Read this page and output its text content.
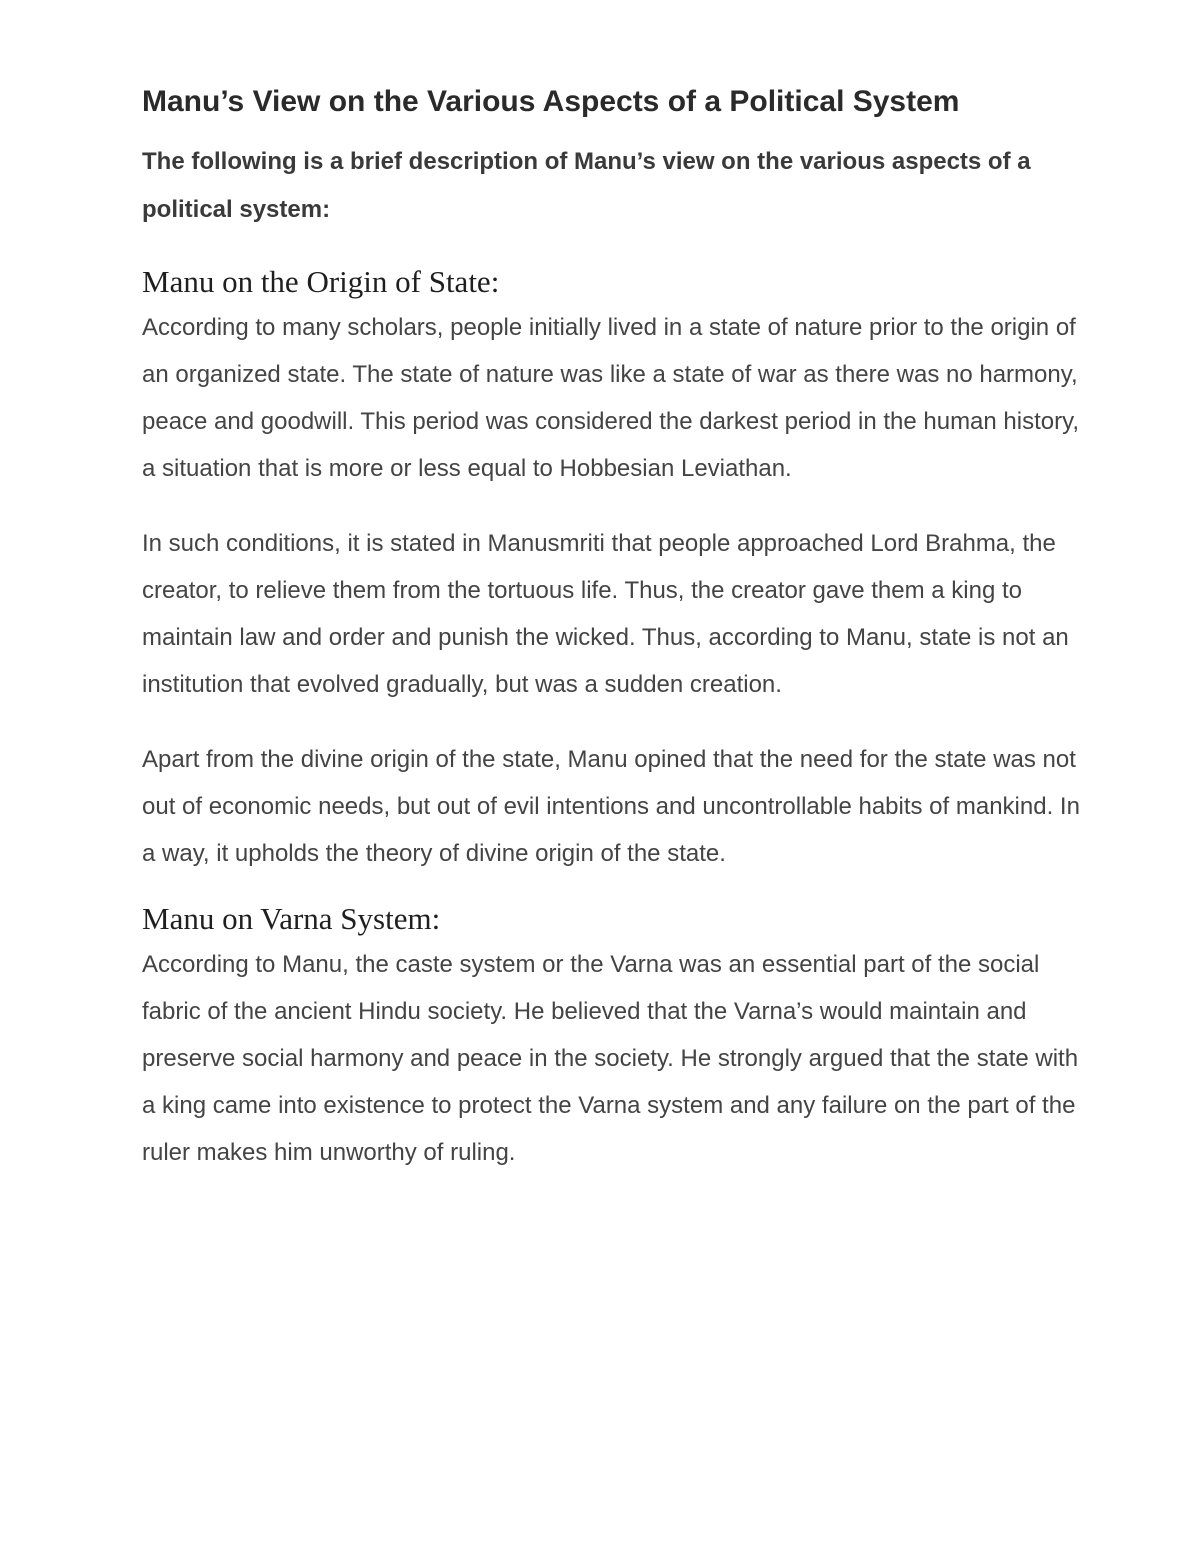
Manu’s View on the Various Aspects of a Political System

The following is a brief description of Manu’s view on the various aspects of a political system:

Manu on the Origin of State:

According to many scholars, people initially lived in a state of nature prior to the origin of an organized state. The state of nature was like a state of war as there was no harmony, peace and goodwill. This period was considered the darkest period in the human history, a situation that is more or less equal to Hobbesian Leviathan.

In such conditions, it is stated in Manusmriti that people approached Lord Brahma, the creator, to relieve them from the tortuous life. Thus, the creator gave them a king to maintain law and order and punish the wicked. Thus, according to Manu, state is not an institution that evolved gradually, but was a sudden creation.

Apart from the divine origin of the state, Manu opined that the need for the state was not out of economic needs, but out of evil intentions and uncontrollable habits of mankind. In a way, it upholds the theory of divine origin of the state.

Manu on Varna System:

According to Manu, the caste system or the Varna was an essential part of the social fabric of the ancient Hindu society. He believed that the Varna’s would maintain and preserve social harmony and peace in the society. He strongly argued that the state with a king came into existence to protect the Varna system and any failure on the part of the ruler makes him unworthy of ruling.
